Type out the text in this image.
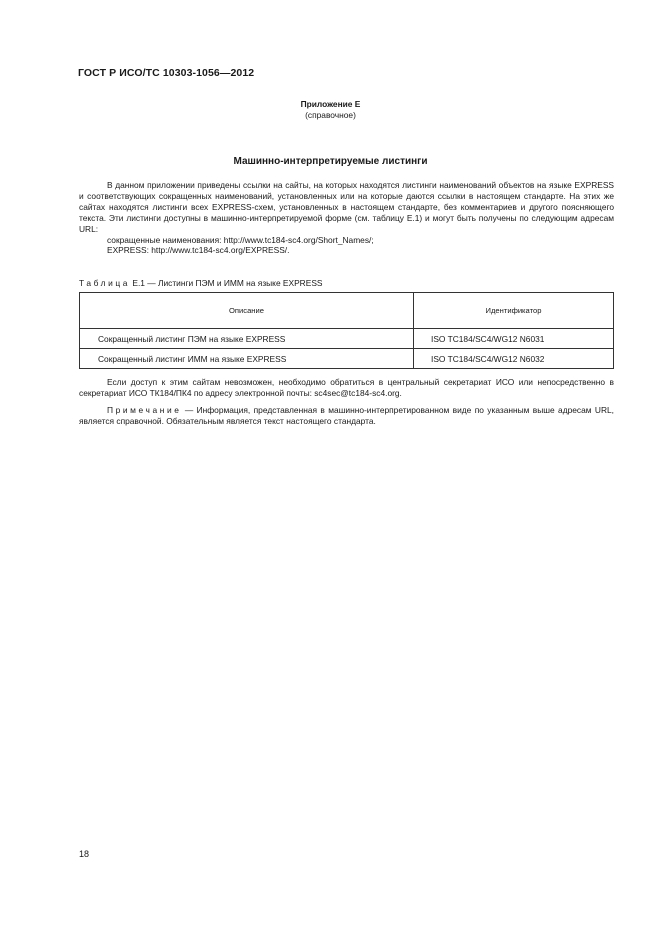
ГОСТ Р ИСО/ТС 10303-1056—2012
Приложение Е
(справочное)
Машинно-интерпретируемые листинги

В данном приложении приведены ссылки на сайты, на которых находятся листинги наименований объектов на языке EXPRESS и соответствующих сокращенных наименований, установленных или на которые даются ссылки в настоящем стандарте. На этих же сайтах находятся листинги всех EXPRESS-схем, установленных в настоящем стандарте, без комментариев и другого поясняющего текста. Эти листинги доступны в машинно-интерпретируемой форме (см. таблицу Е.1) и могут быть получены по следующим адресам URL:

сокращенные наименования: http://www.tc184-sc4.org/Short_Names/;

EXPRESS: http://www.tc184-sc4.org/EXPRESS/.

Таблица Е.1 — Листинги ПЭМ и ИММ на языке EXPRESS
Описание	Идентификатор
Сокращенный листинг ПЭМ на языке EXPRESS	ISO TC184/SC4/WG12 N6031
Сокращенный листинг ИММ на языке EXPRESS	ISO TC184/SC4/WG12 N6032

Если доступ к этим сайтам невозможен, необходимо обратиться в центральный секретариат ИСО или непосредственно в секретариат ИСО ТК184/ПК4 по адресу электронной почты: sc4sec@tc184-sc4.org.

Примечание — Информация, представленная в машинно-интерпретированном виде по указанным выше адресам URL, является справочной. Обязательным является текст настоящего стандарта.

18
